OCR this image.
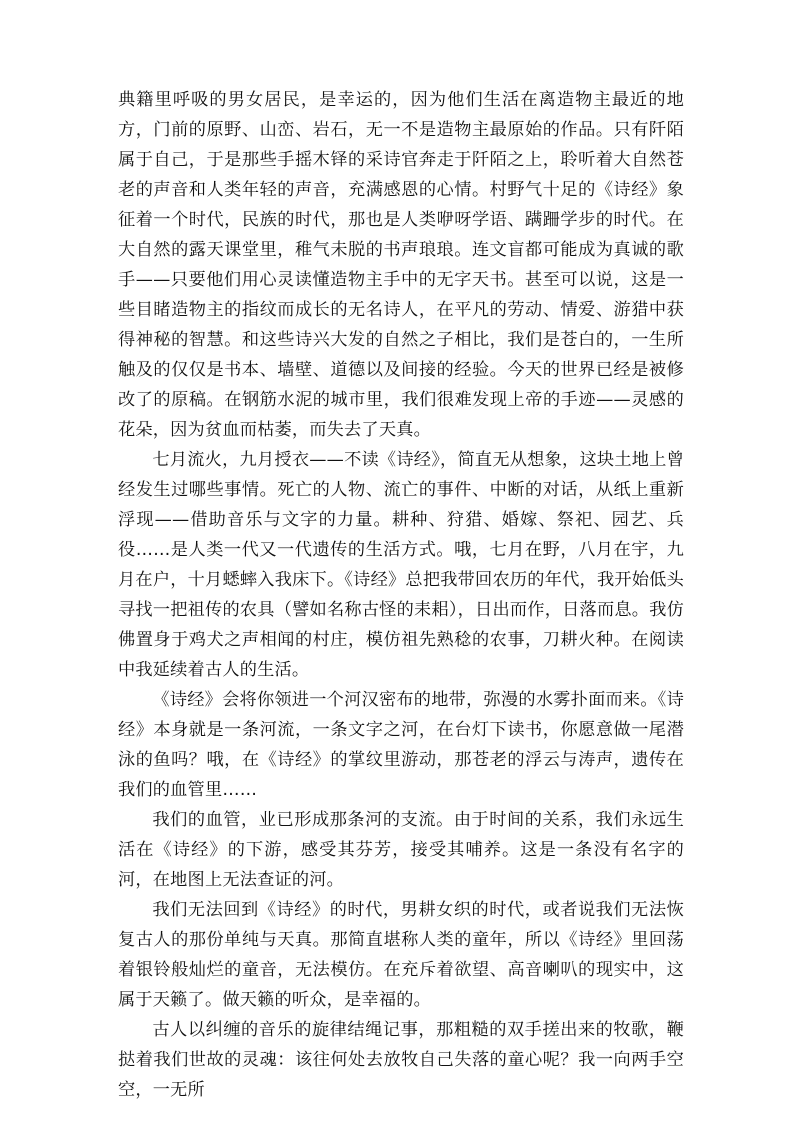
典籍里呼吸的男女居民，是幸运的，因为他们生活在离造物主最近的地方，门前的原野、山峦、岩石，无一不是造物主最原始的作品。只有阡陌属于自己，于是那些手摇木铎的采诗官奔走于阡陌之上，聆听着大自然苍老的声音和人类年轻的声音，充满感恩的心情。村野气十足的《诗经》象征着一个时代，民族的时代，那也是人类咿呀学语、蹒跚学步的时代。在大自然的露天课堂里，稚气未脱的书声琅琅。连文盲都可能成为真诚的歌手——只要他们用心灵读懂造物主手中的无字天书。甚至可以说，这是一些目睹造物主的指纹而成长的无名诗人，在平凡的劳动、情爱、游猎中获得神秘的智慧。和这些诗兴大发的自然之子相比，我们是苍白的，一生所触及的仅仅是书本、墙壁、道德以及间接的经验。今天的世界已经是被修改了的原稿。在钢筋水泥的城市里，我们很难发现上帝的手迹——灵感的花朵，因为贫血而枯萎，而失去了天真。

七月流火，九月授衣——不读《诗经》，简直无从想象，这块土地上曾经发生过哪些事情。死亡的人物、流亡的事件、中断的对话，从纸上重新浮现——借助音乐与文字的力量。耕种、狩猎、婚嫁、祭祀、园艺、兵役……是人类一代又一代遗传的生活方式。哦，七月在野，八月在宇，九月在户，十月蟋蟀入我床下。《诗经》总把我带回农历的年代，我开始低头寻找一把祖传的农具（譬如名称古怪的耒耜），日出而作，日落而息。我仿佛置身于鸡犬之声相闻的村庄，模仿祖先熟稔的农事，刀耕火种。在阅读中我延续着古人的生活。

《诗经》会将你领进一个河汉密布的地带，弥漫的水雾扑面而来。《诗经》本身就是一条河流，一条文字之河，在台灯下读书，你愿意做一尾潜泳的鱼吗？哦，在《诗经》的掌纹里游动，那苍老的浮云与涛声，遗传在我们的血管里……

我们的血管，业已形成那条河的支流。由于时间的关系，我们永远生活在《诗经》的下游，感受其芬芳，接受其哺养。这是一条没有名字的河，在地图上无法查证的河。

我们无法回到《诗经》的时代，男耕女织的时代，或者说我们无法恢复古人的那份单纯与天真。那简直堪称人类的童年，所以《诗经》里回荡着银铃般灿烂的童音，无法模仿。在充斥着欲望、高音喇叭的现实中，这属于天籁了。做天籁的听众，是幸福的。

古人以纠缠的音乐的旋律结绳记事，那粗糙的双手搓出来的牧歌，鞭挞着我们世故的灵魂：该往何处去放牧自己失落的童心呢？我一向两手空空，一无所
